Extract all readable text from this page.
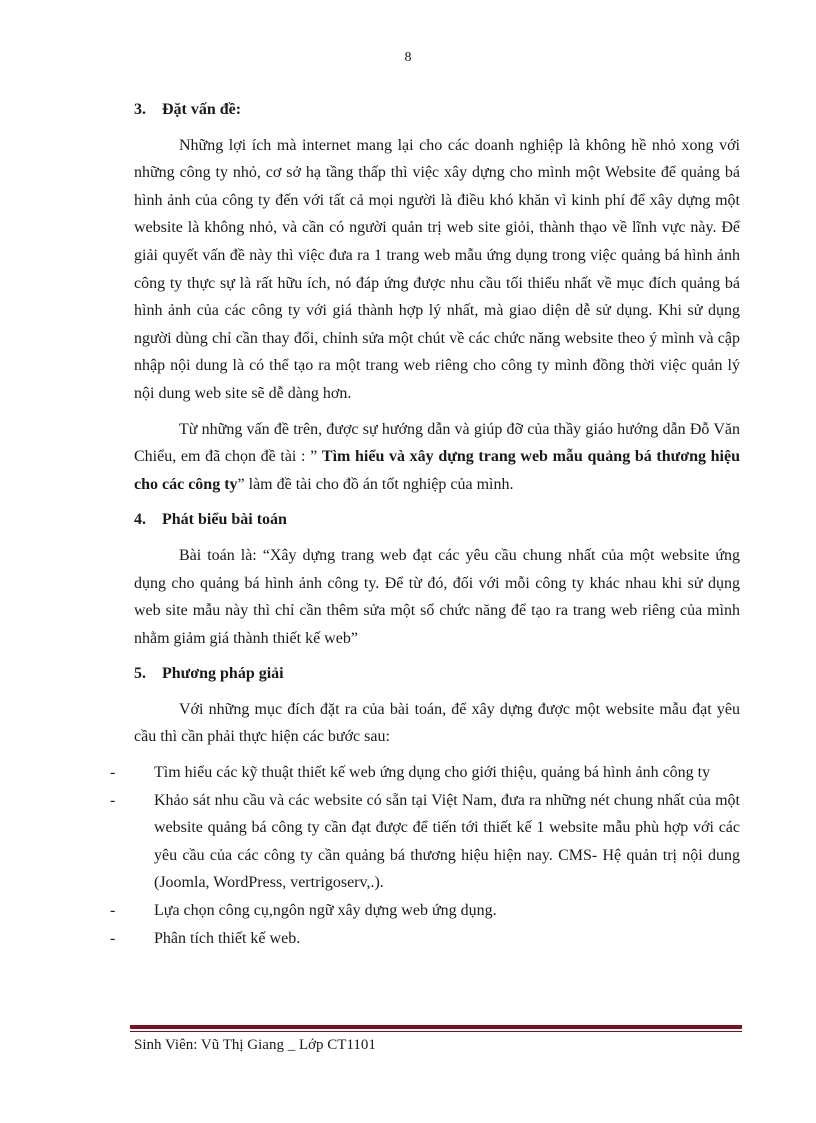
8
3. Đặt vấn đề:

Những lợi ích mà internet mang lại cho các doanh nghiệp là không hề nhỏ xong với những công ty nhỏ, cơ sở hạ tầng thấp thì việc xây dựng cho mình một Website để quảng bá hình ảnh của công ty đến với tất cả mọi người là điều khó khăn vì kinh phí để xây dựng một website là không nhỏ, và cần có người quản trị web site giỏi, thành thạo về lĩnh vực này. Để giải quyết vấn đề này thì việc đưa ra 1 trang web mẫu ứng dụng trong việc quảng bá hình ảnh công ty thực sự là rất hữu ích, nó đáp ứng được nhu cầu tối thiểu nhất về mục đích quảng bá hình ảnh của các công ty với giá thành hợp lý nhất, mà giao diện dễ sử dụng. Khi sử dụng người dùng chỉ cần thay đổi, chỉnh sửa một chút về các chức năng website theo ý mình và cập nhập nội dung là có thể tạo ra một trang web riêng cho công ty mình đồng thời việc quản lý nội dung web site sẽ dễ dàng hơn.

Từ những vấn đề trên, được sự hướng dẫn và giúp đỡ của thầy giáo hướng dẫn Đỗ Văn Chiểu, em đã chọn đề tài : ” Tìm hiểu và xây dựng trang web mẫu quảng bá thương hiệu cho các công ty” làm đề tài cho đồ án tốt nghiệp của mình.

4. Phát biểu bài toán

Bài toán là: “Xây dựng trang web đạt các yêu cầu chung nhất của một website ứng dụng cho quảng bá hình ảnh công ty. Để từ đó, đối với mỗi công ty khác nhau khi sử dụng web site mẫu này thì chỉ cần thêm sửa một số chức năng để tạo ra trang web riêng của mình nhằm giảm giá thành thiết kế web”

5. Phương pháp giải

Với những mục đích đặt ra của bài toán, để xây dựng được một website mẫu đạt yêu cầu thì cần phải thực hiện các bước sau:

- Tìm hiểu các kỹ thuật thiết kế web ứng dụng cho giới thiệu, quảng bá hình ảnh công ty
- Khảo sát nhu cầu và các website có sẵn tại Việt Nam, đưa ra những nét chung nhất của một website quảng bá công ty cần đạt được để tiến tới thiết kế 1 website mẫu phù hợp với các yêu cầu của các công ty cần quảng bá thương hiệu hiện nay. CMS- Hệ quản trị nội dung (Joomla, WordPress, vertrigoserv,.).
- Lựa chọn công cụ,ngôn ngữ xây dựng web ứng dụng.
- Phân tích thiết kế web.
Sinh Viên: Vũ Thị Giang _ Lớp CT1101
